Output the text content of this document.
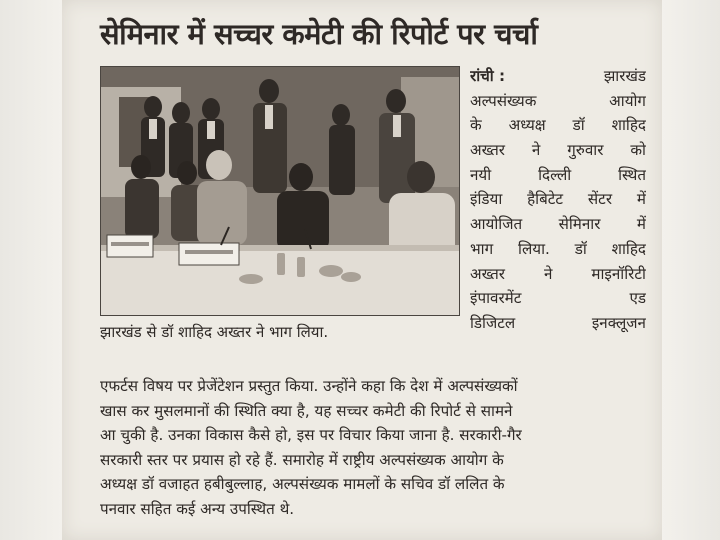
सेमिनार में सच्चर कमेटी की रिपोर्ट पर चर्चा
झारखंड से डॉ शाहिद अख्तर ने भाग लिया.
रांची :	झारखंड
अल्पसंख्यक	आयोग
के अध्यक्ष डॉ शाहिद
अख्तर ने गुरुवार को
नयी	दिल्ली	स्थित
इंडिया हैबिटेट सेंटर में
आयोजित सेमिनार में
भाग लिया. डॉ शाहिद
अख्तर	ने	माइनॉरिटी
इंपावरमेंट	एड
डिजिटल	इनक्लूजन
एफर्टस विषय पर प्रेजेंटेशन प्रस्तुत किया. उन्होंने कहा कि देश में अल्पसंख्यकों
खास कर मुसलमानों की स्थिति क्या है, यह सच्चर कमेटी की रिपोर्ट से सामने
आ चुकी है. उनका विकास कैसे हो, इस पर विचार किया जाना है. सरकारी-गैर
सरकारी स्तर पर प्रयास हो रहे हैं. समारोह में राष्ट्रीय अल्पसंख्यक आयोग के
अध्यक्ष डॉ वजाहत हबीबुल्लाह, अल्पसंख्यक मामलों के सचिव डॉ ललित के
पनवार सहित कई अन्य उपस्थित थे.
